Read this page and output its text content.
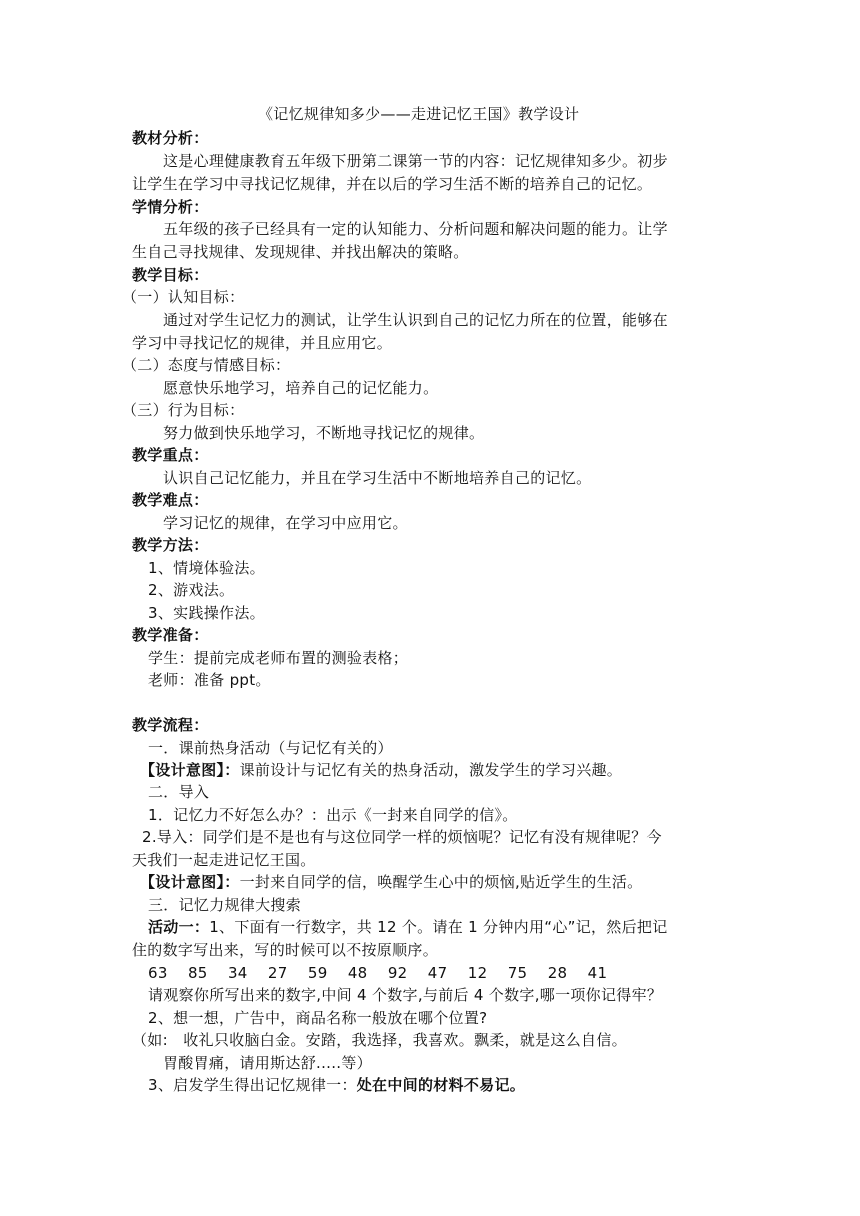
《记忆规律知多少——走进记忆王国》教学设计
教材分析：
这是心理健康教育五年级下册第二课第一节的内容：记忆规律知多少。初步
让学生在学习中寻找记忆规律，并在以后的学习生活不断的培养自己的记忆。
学情分析：
五年级的孩子已经具有一定的认知能力、分析问题和解决问题的能力。让学
生自己寻找规律、发现规律、并找出解决的策略。
教学目标：
（一）认知目标：
通过对学生记忆力的测试，让学生认识到自己的记忆力所在的位置，能够在
学习中寻找记忆的规律，并且应用它。
（二）态度与情感目标：
愿意快乐地学习，培养自己的记忆能力。
（三）行为目标：
努力做到快乐地学习，不断地寻找记忆的规律。
教学重点：
认识自己记忆能力，并且在学习生活中不断地培养自己的记忆。
教学难点：
学习记忆的规律，在学习中应用它。
教学方法：
1、情境体验法。
2、游戏法。
3、实践操作法。
教学准备：
学生：提前完成老师布置的测验表格；
老师：准备 ppt。
教学流程：
一．课前热身活动（与记忆有关的）
【设计意图】：课前设计与记忆有关的热身活动，激发学生的学习兴趣。
二．导入
1．记忆力不好怎么办？：出示《一封来自同学的信》。
2.导入：同学们是不是也有与这位同学一样的烦恼呢？记忆有没有规律呢？今
天我们一起走进记忆王国。
【设计意图】：一封来自同学的信，唤醒学生心中的烦恼,贴近学生的生活。
三．记忆力规律大搜索
活动一：1、下面有一行数字，共 12 个。请在 1 分钟内用“心”记，然后把记
住的数字写出来，写的时候可以不按原顺序。
63 85 34 27 59 48 92 47 12 75 28 41
请观察你所写出来的数字,中间 4 个数字,与前后 4 个数字,哪一项你记得牢？
2、想一想，广告中，商品名称一般放在哪个位置?
（如:　收礼只收脑白金。安踏，我选择，我喜欢。飘柔，就是这么自信。
胃酸胃痛，请用斯达舒.....等）
3、启发学生得出记忆规律一：处在中间的材料不易记。
